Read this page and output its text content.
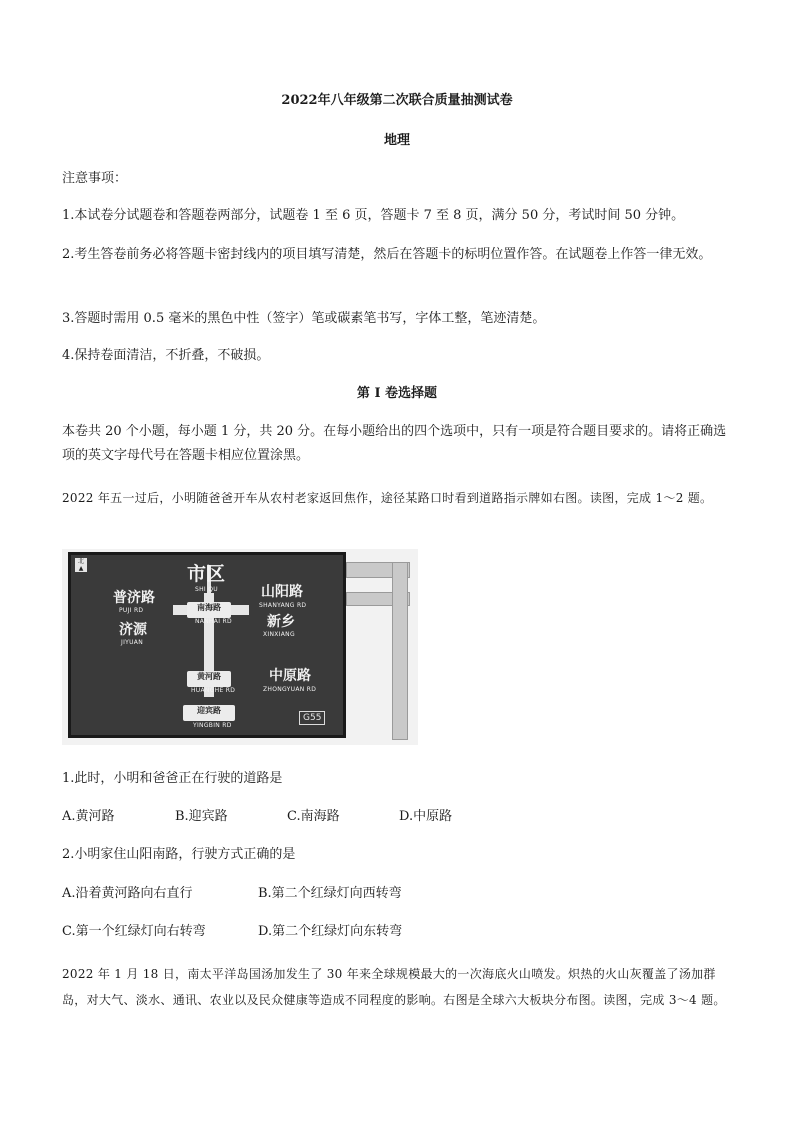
2022年八年级第二次联合质量抽测试卷
地理
注意事项：
1.本试卷分试题卷和答题卷两部分，试题卷 1 至 6 页，答题卡 7 至 8 页，满分 50 分，考试时间 50 分钟。
2.考生答卷前务必将答题卡密封线内的项目填写清楚，然后在答题卡的标明位置作答。在试题卷上作答一律无效。
3.答题时需用 0.5 毫米的黑色中性（签字）笔或碳素笔书写，字体工整，笔迹清楚。
4.保持卷面清洁，不折叠，不破损。
第 I 卷选择题
本卷共 20 个小题，每小题 1 分，共 20 分。在每小题给出的四个选项中，只有一项是符合题目要求的。请将正确选项的英文字母代号在答题卡相应位置涂黑。
2022 年五一过后，小明随爸爸开车从农村老家返回焦作，途径某路口时看到道路指示牌如右图。读图，完成 1～2 题。
北 ▲	市区
SHI QU
普济路
PUJI RD
济源
JIYUAN
山阳路
SHANYANG RD
新乡
XINXIANG
中原路
ZHONGYUAN RD
南海路
NANHAI RD
黄河路
HUANGHE RD
迎宾路
YINGBIN RD
G55
1.此时，小明和爸爸正在行驶的道路是
A.黄河路	B.迎宾路	C.南海路	D.中原路
2.小明家住山阳南路，行驶方式正确的是
A.沿着黄河路向右直行	B.第二个红绿灯向西转弯
C.第一个红绿灯向右转弯	D.第二个红绿灯向东转弯
2022 年 1 月 18 日，南太平洋岛国汤加发生了 30 年来全球规模最大的一次海底火山喷发。炽热的火山灰覆盖了汤加群岛，对大气、淡水、通讯、农业以及民众健康等造成不同程度的影响。右图是全球六大板块分布图。读图，完成 3～4 题。
